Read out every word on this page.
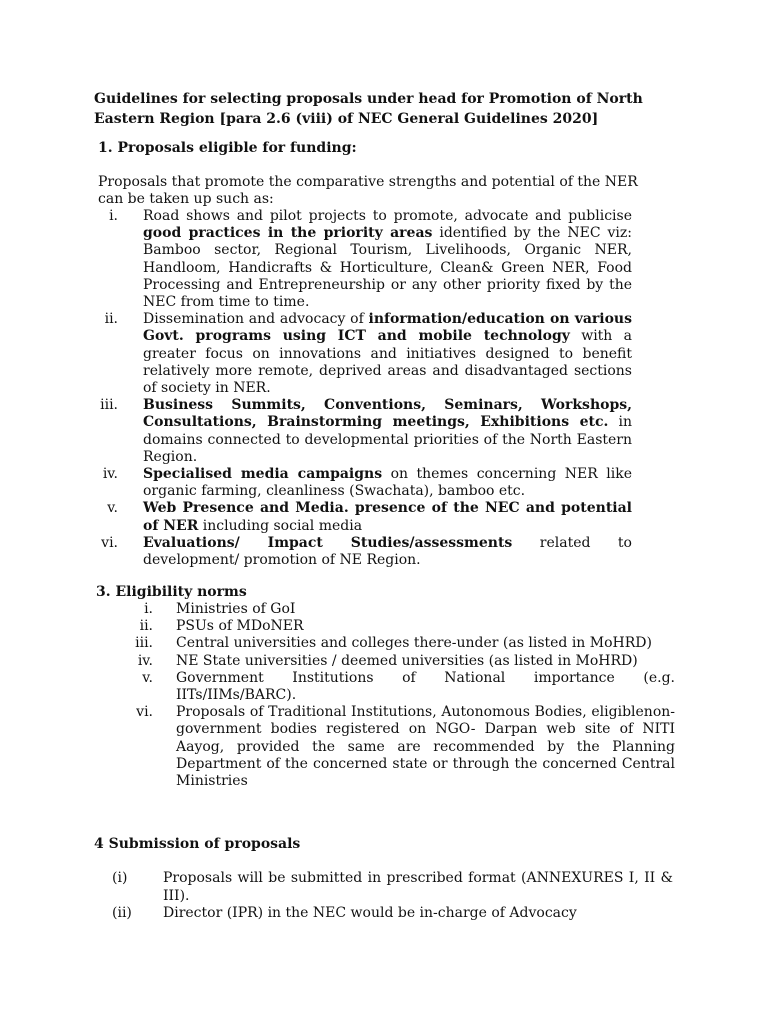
Guidelines for selecting proposals under head for Promotion of North Eastern Region [para 2.6 (viii) of NEC General Guidelines 2020]
1. Proposals eligible for funding:
Proposals that promote the comparative strengths and potential of the NER can be taken up such as:
i. Road shows and pilot projects to promote, advocate and publicise good practices in the priority areas identified by the NEC viz: Bamboo sector, Regional Tourism, Livelihoods, Organic NER, Handloom, Handicrafts & Horticulture, Clean& Green NER, Food Processing and Entrepreneurship or any other priority fixed by the NEC from time to time.
ii. Dissemination and advocacy of information/education on various Govt. programs using ICT and mobile technology with a greater focus on innovations and initiatives designed to benefit relatively more remote, deprived areas and disadvantaged sections of society in NER.
iii. Business Summits, Conventions, Seminars, Workshops, Consultations, Brainstorming meetings, Exhibitions etc. in domains connected to developmental priorities of the North Eastern Region.
iv. Specialised media campaigns on themes concerning NER like organic farming, cleanliness (Swachata), bamboo etc.
v. Web Presence and Media. presence of the NEC and potential of NER including social media
vi. Evaluations/ Impact Studies/assessments related to development/ promotion of NE Region.
3. Eligibility norms
i. Ministries of GoI
ii. PSUs of MDoNER
iii. Central universities and colleges there-under (as listed in MoHRD)
iv. NE State universities / deemed universities (as listed in MoHRD)
v. Government Institutions of National importance (e.g. IITs/IIMs/BARC).
vi. Proposals of Traditional Institutions, Autonomous Bodies, eligiblenon-government bodies registered on NGO- Darpan web site of NITI Aayog, provided the same are recommended by the Planning Department of the concerned state or through the concerned Central Ministries
4 Submission of proposals
(i)	Proposals will be submitted in prescribed format (ANNEXURES I, II & III).
(ii)	Director (IPR) in the NEC would be in-charge of Advocacy
